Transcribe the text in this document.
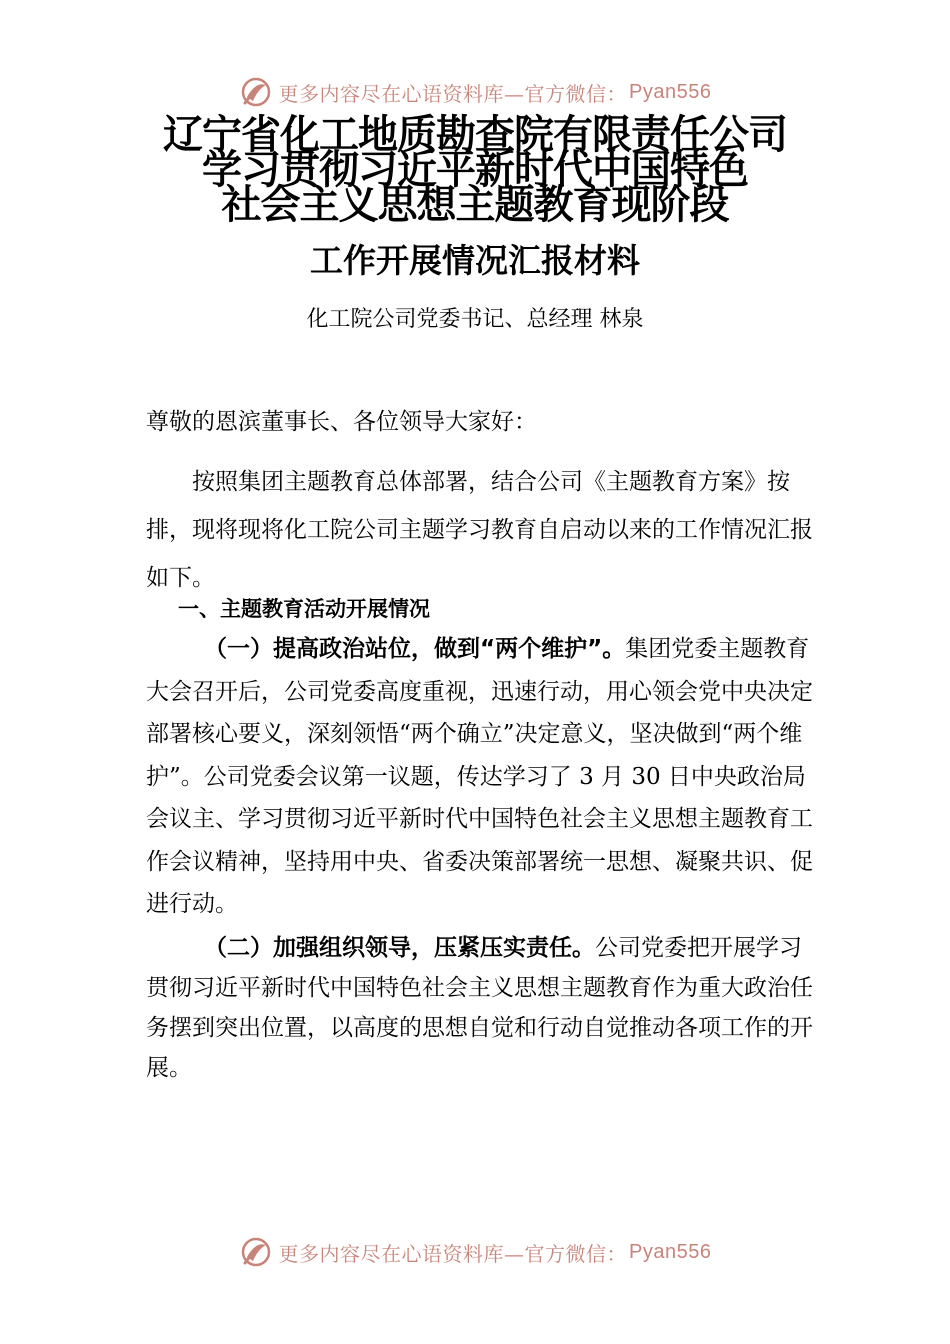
更多内容尽在心语资料库—官方微信： Pyan556
辽宁省化工地质勘查院有限责任公司
学习贯彻习近平新时代中国特色
社会主义思想主题教育现阶段
工作开展情况汇报材料
化工院公司党委书记、总经理 林泉
尊敬的恩滨董事长、各位领导大家好：

按照集团主题教育总体部署，结合公司《主题教育方案》按排，现将现将化工院公司主题学习教育自启动以来的工作情况汇报如下。

一、主题教育活动开展情况

（一）提高政治站位，做到“两个维护”。集团党委主题教育大会召开后，公司党委高度重视，迅速行动，用心领会党中央决定部署核心要义，深刻领悟“两个确立”决定意义，坚决做到“两个维护”。公司党委会议第一议题，传达学习了 3 月 30 日中央政治局会议主、学习贯彻习近平新时代中国特色社会主义思想主题教育工作会议精神，坚持用中央、省委决策部署统一思想、凝聚共识、促进行动。

（二）加强组织领导，压紧压实责任。公司党委把开展学习贯彻习近平新时代中国特色社会主义思想主题教育作为重大政治任务摆到突出位置，以高度的思想自觉和行动自觉推动各项工作的开展。

更多内容尽在心语资料库—官方微信： Pyan556
